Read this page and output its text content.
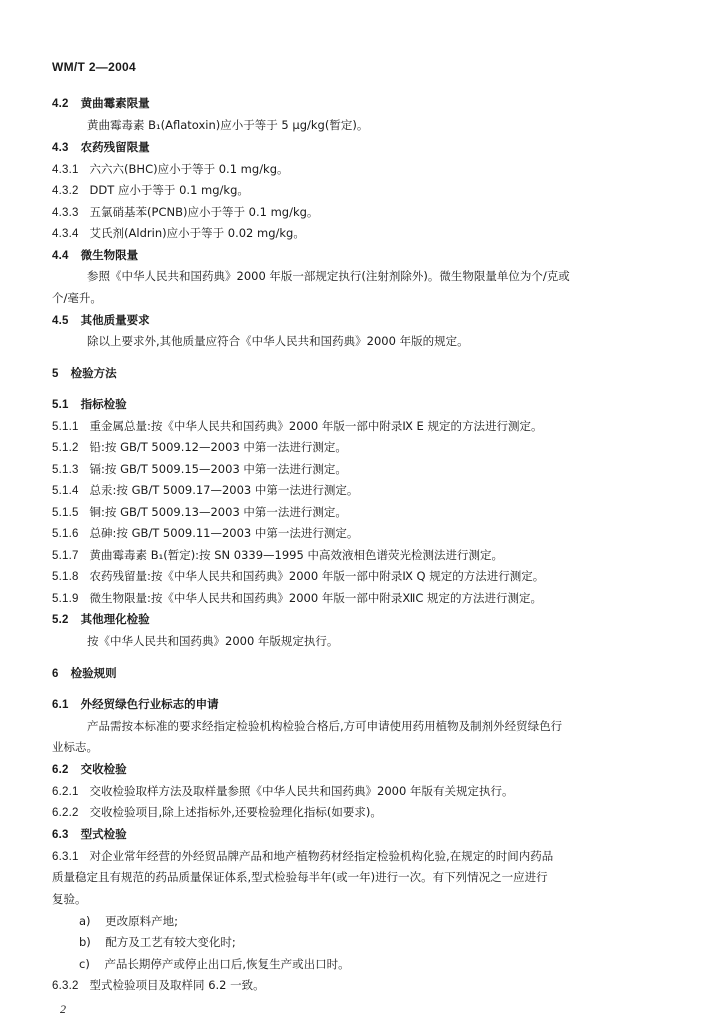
WM/T 2—2004
4.2 黄曲霉素限量
黄曲霉毒素 B₁(Aflatoxin)应小于等于 5 μg/kg(暂定)。
4.3 农药残留限量
4.3.1 六六六(BHC)应小于等于 0.1 mg/kg。
4.3.2 DDT 应小于等于 0.1 mg/kg。
4.3.3 五氯硝基苯(PCNB)应小于等于 0.1 mg/kg。
4.3.4 艾氏剂(Aldrin)应小于等于 0.02 mg/kg。
4.4 微生物限量
参照《中华人民共和国药典》2000 年版一部规定执行(注射剂除外)。微生物限量单位为个/克或
个/毫升。
4.5 其他质量要求
除以上要求外,其他质量应符合《中华人民共和国药典》2000 年版的规定。
5 检验方法
5.1 指标检验
5.1.1 重金属总量:按《中华人民共和国药典》2000 年版一部中附录Ⅸ E 规定的方法进行测定。
5.1.2 铅:按 GB/T 5009.12—2003 中第一法进行测定。
5.1.3 镉:按 GB/T 5009.15—2003 中第一法进行测定。
5.1.4 总汞:按 GB/T 5009.17—2003 中第一法进行测定。
5.1.5 铜:按 GB/T 5009.13—2003 中第一法进行测定。
5.1.6 总砷:按 GB/T 5009.11—2003 中第一法进行测定。
5.1.7 黄曲霉毒素 B₁(暂定):按 SN 0339—1995 中高效液相色谱荧光检测法进行测定。
5.1.8 农药残留量:按《中华人民共和国药典》2000 年版一部中附录Ⅸ Q 规定的方法进行测定。
5.1.9 微生物限量:按《中华人民共和国药典》2000 年版一部中附录ⅫC 规定的方法进行测定。
5.2 其他理化检验
按《中华人民共和国药典》2000 年版规定执行。
6 检验规则
6.1 外经贸绿色行业标志的申请
产品需按本标准的要求经指定检验机构检验合格后,方可申请使用药用植物及制剂外经贸绿色行
业标志。
6.2 交收检验
6.2.1 交收检验取样方法及取样量参照《中华人民共和国药典》2000 年版有关规定执行。
6.2.2 交收检验项目,除上述指标外,还要检验理化指标(如要求)。
6.3 型式检验
6.3.1 对企业常年经营的外经贸品牌产品和地产植物药材经指定检验机构化验,在规定的时间内药品
质量稳定且有规范的药品质量保证体系,型式检验每半年(或一年)进行一次。有下列情况之一应进行
复验。
a) 更改原料产地;
b) 配方及工艺有较大变化时;
c) 产品长期停产或停止出口后,恢复生产或出口时。
6.3.2 型式检验项目及取样同 6.2 一致。
2
